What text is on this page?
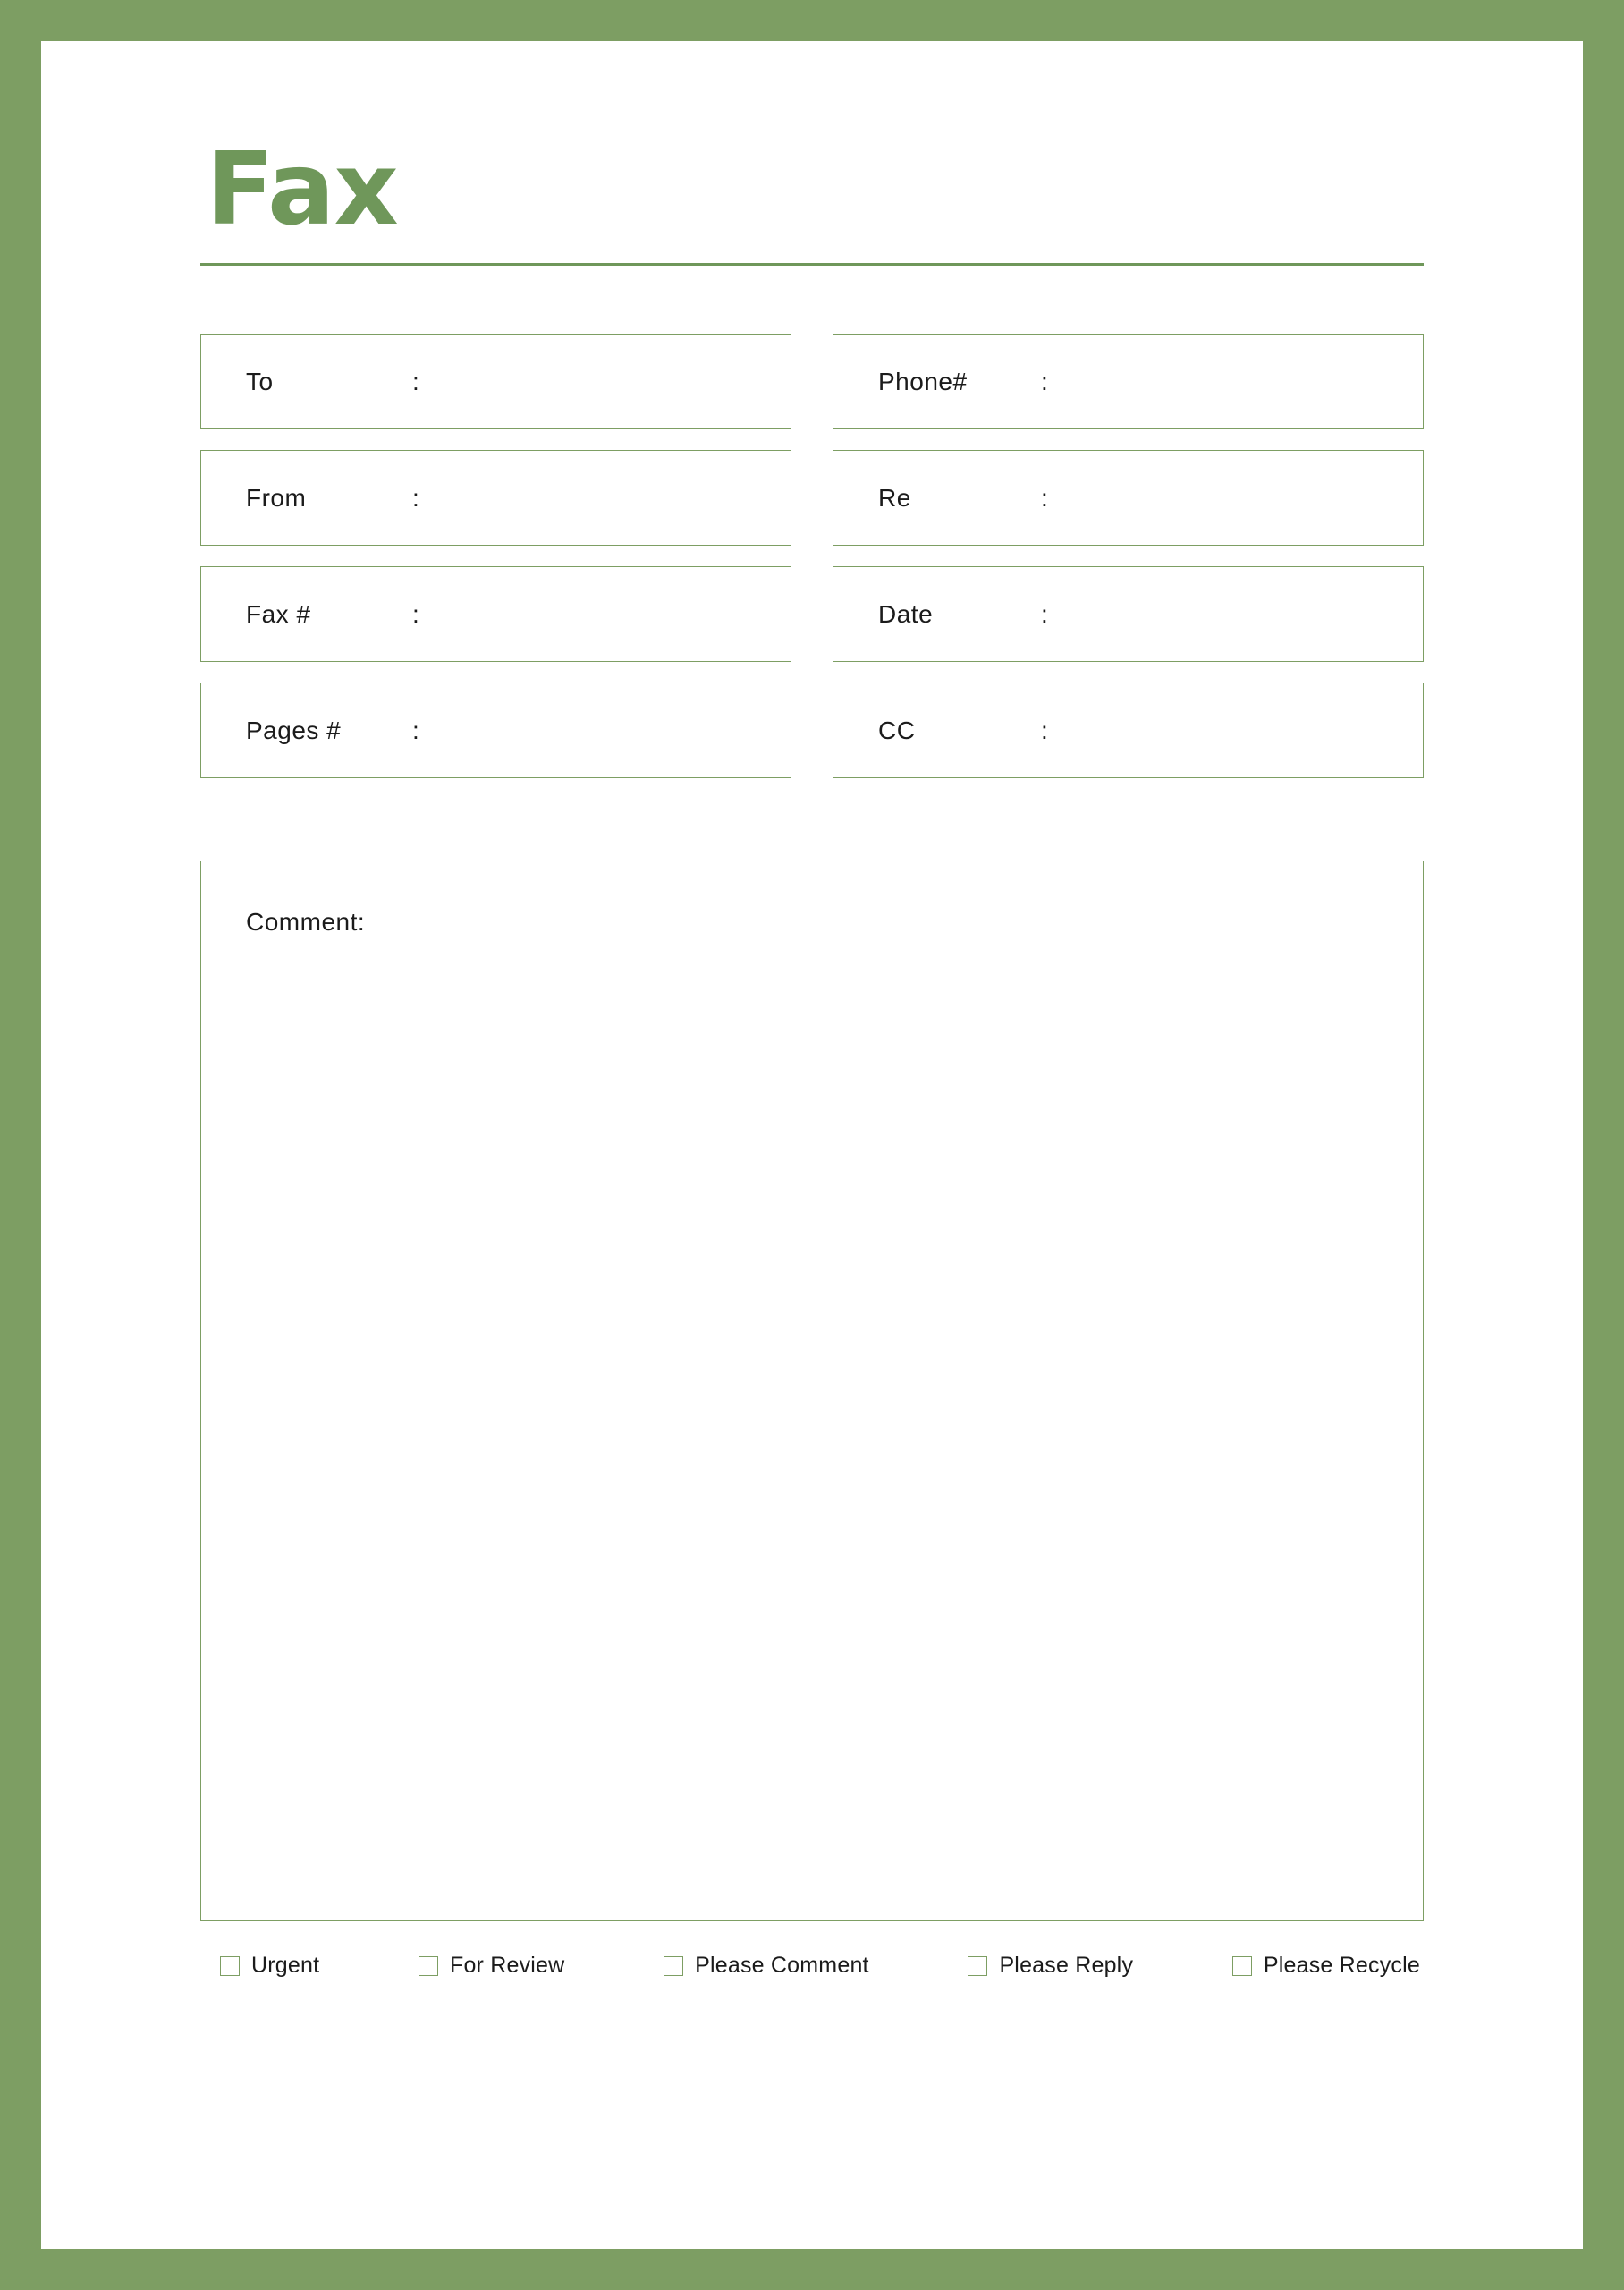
Fax
To	:	Phone#	:
From	:	Re	:
Fax #	:	Date	:
Pages #	:	CC	:
Comment:
Urgent	For Review	Please Comment	Please Reply	Please Recycle
